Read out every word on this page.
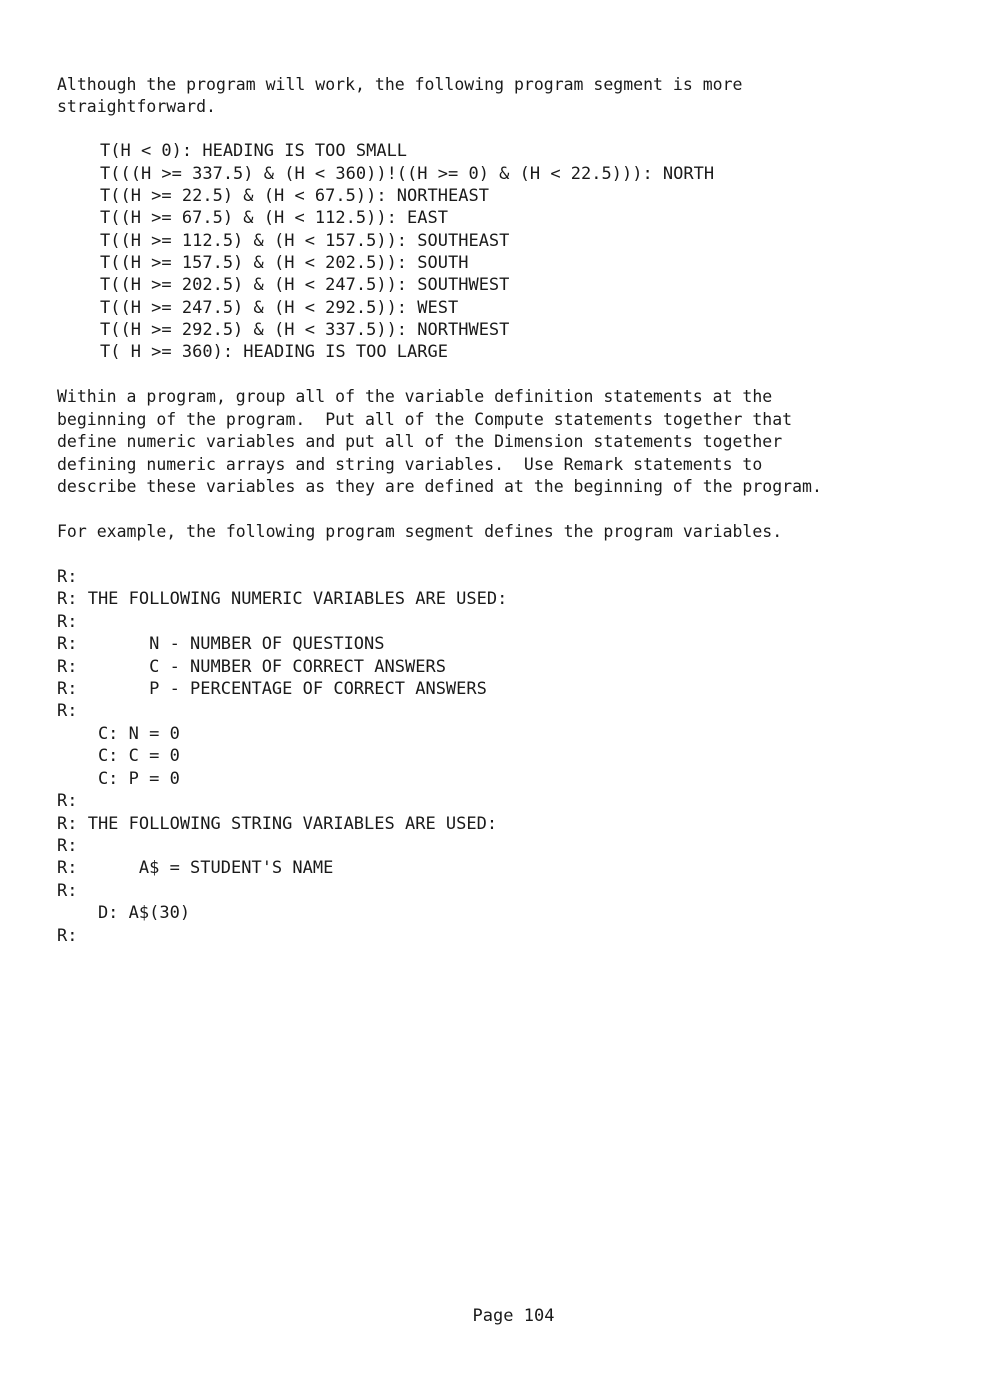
Although the program will work, the following program segment is more
straightforward.
T(H < 0): HEADING IS TOO SMALL
T(((H >= 337.5) & (H < 360))!((H >= 0) & (H < 22.5))): NORTH
T((H >= 22.5) & (H < 67.5)): NORTHEAST
T((H >= 67.5) & (H < 112.5)): EAST
T((H >= 112.5) & (H < 157.5)): SOUTHEAST
T((H >= 157.5) & (H < 202.5)): SOUTH
T((H >= 202.5) & (H < 247.5)): SOUTHWEST
T((H >= 247.5) & (H < 292.5)): WEST
T((H >= 292.5) & (H < 337.5)): NORTHWEST
T( H >= 360): HEADING IS TOO LARGE
Within a program, group all of the variable definition statements at the
beginning of the program.  Put all of the Compute statements together that
define numeric variables and put all of the Dimension statements together
defining numeric arrays and string variables.  Use Remark statements to
describe these variables as they are defined at the beginning of the program.
For example, the following program segment defines the program variables.
R:
R: THE FOLLOWING NUMERIC VARIABLES ARE USED:
R:
R:       N - NUMBER OF QUESTIONS
R:       C - NUMBER OF CORRECT ANSWERS
R:       P - PERCENTAGE OF CORRECT ANSWERS
R:
C: N = 0
C: C = 0
C: P = 0
R:
R: THE FOLLOWING STRING VARIABLES ARE USED:
R:
R:      A$ = STUDENT'S NAME
R:
D: A$(30)
R:
Page 104
